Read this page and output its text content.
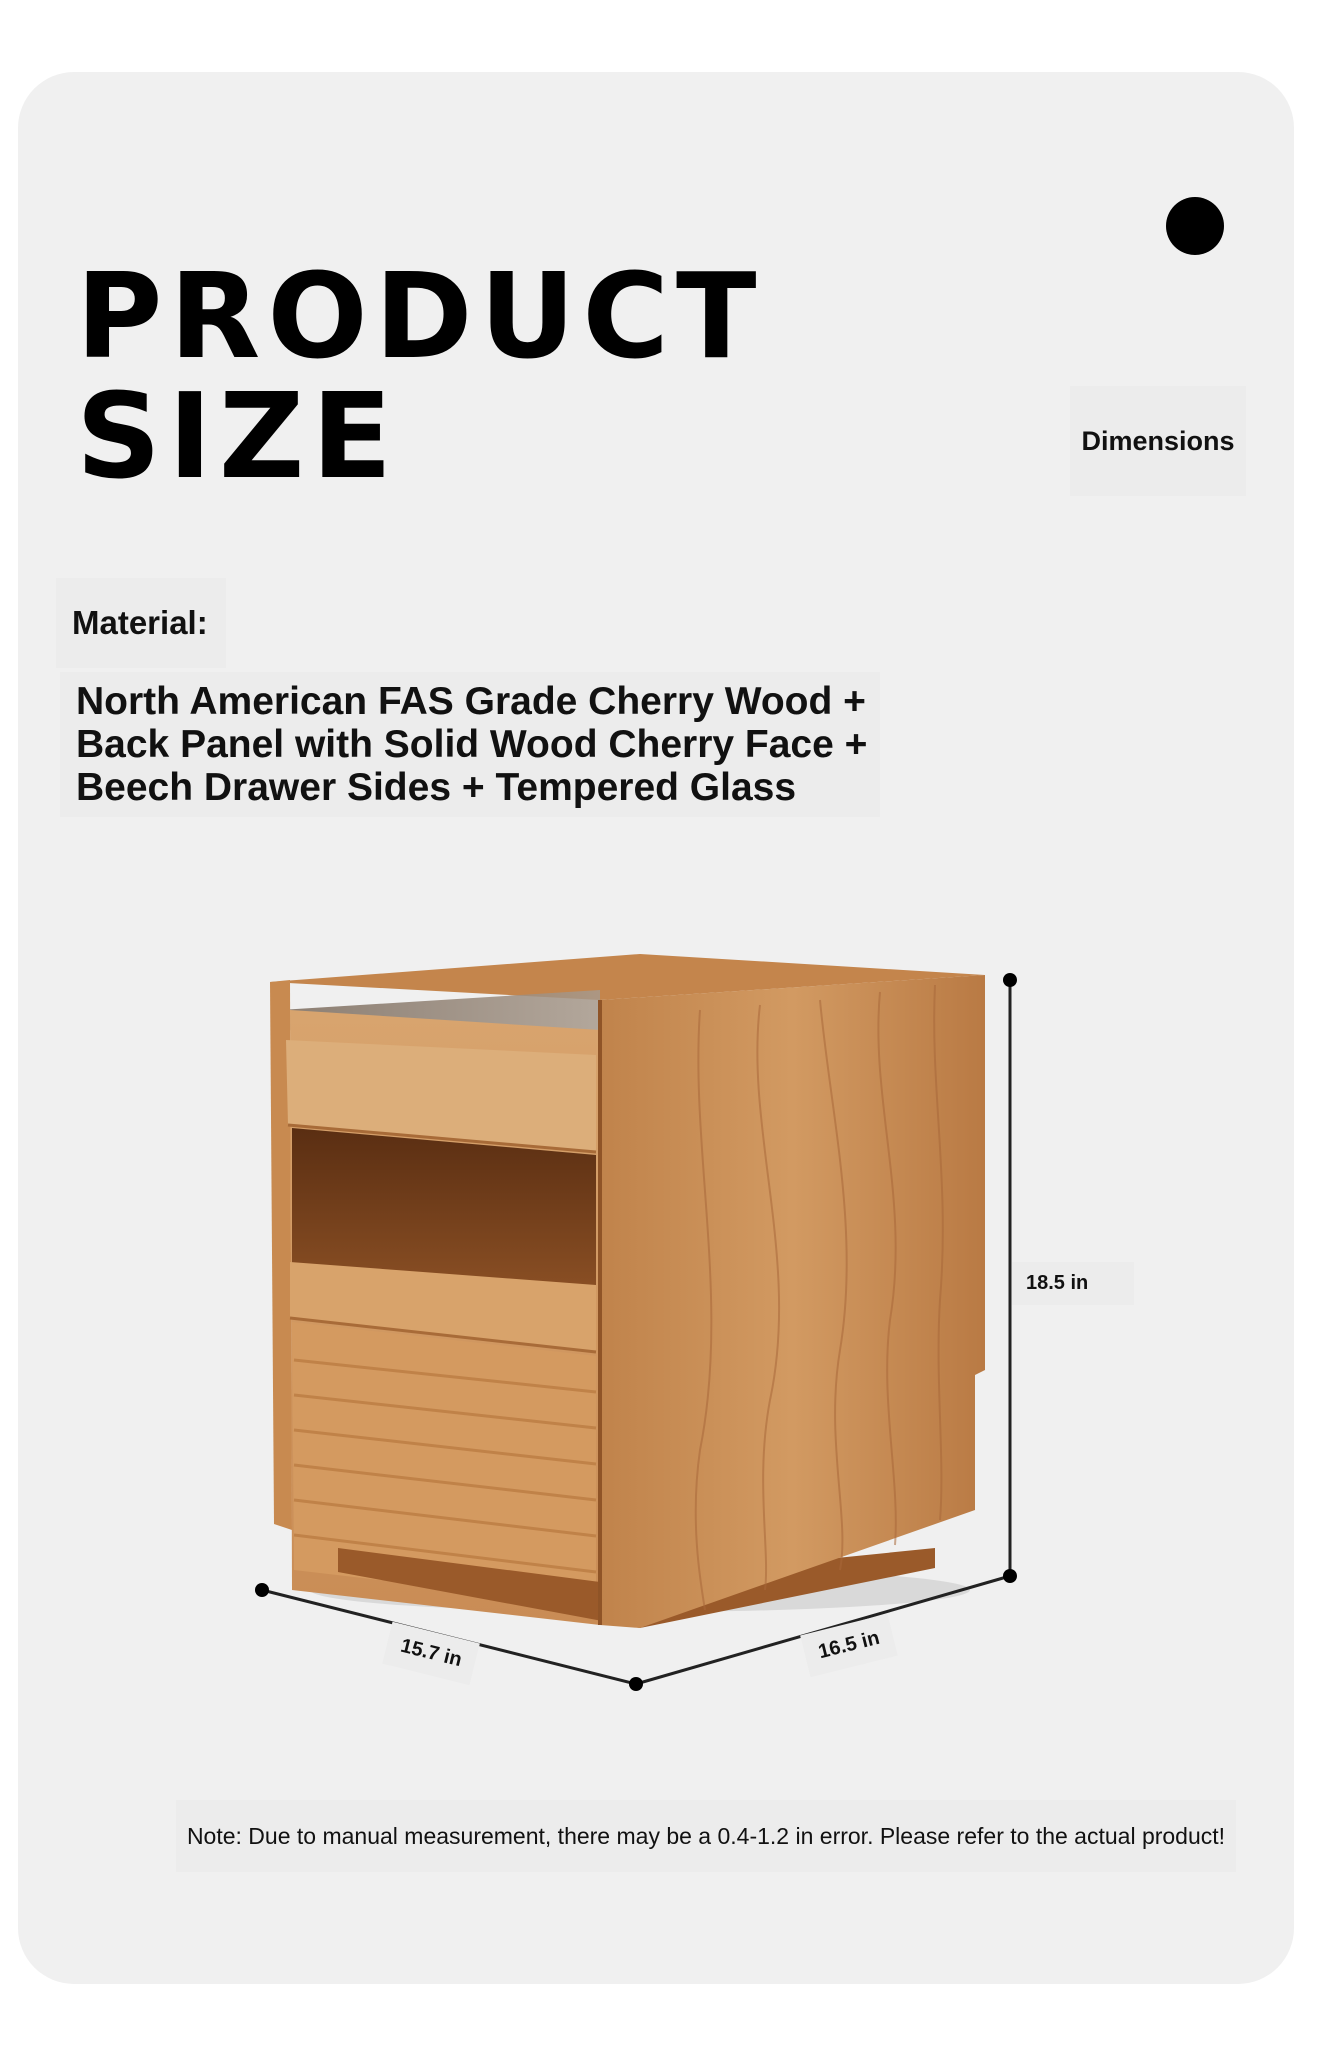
PRODUCT
SIZE	Dimensions
Material:
North American FAS Grade Cherry Wood +
Back Panel with Solid Wood Cherry Face +
Beech Drawer Sides + Tempered Glass
18.5 in
15.7 in	16.5 in
Note: Due to manual measurement, there may be a 0.4-1.2 in error. Please refer to the actual product!
